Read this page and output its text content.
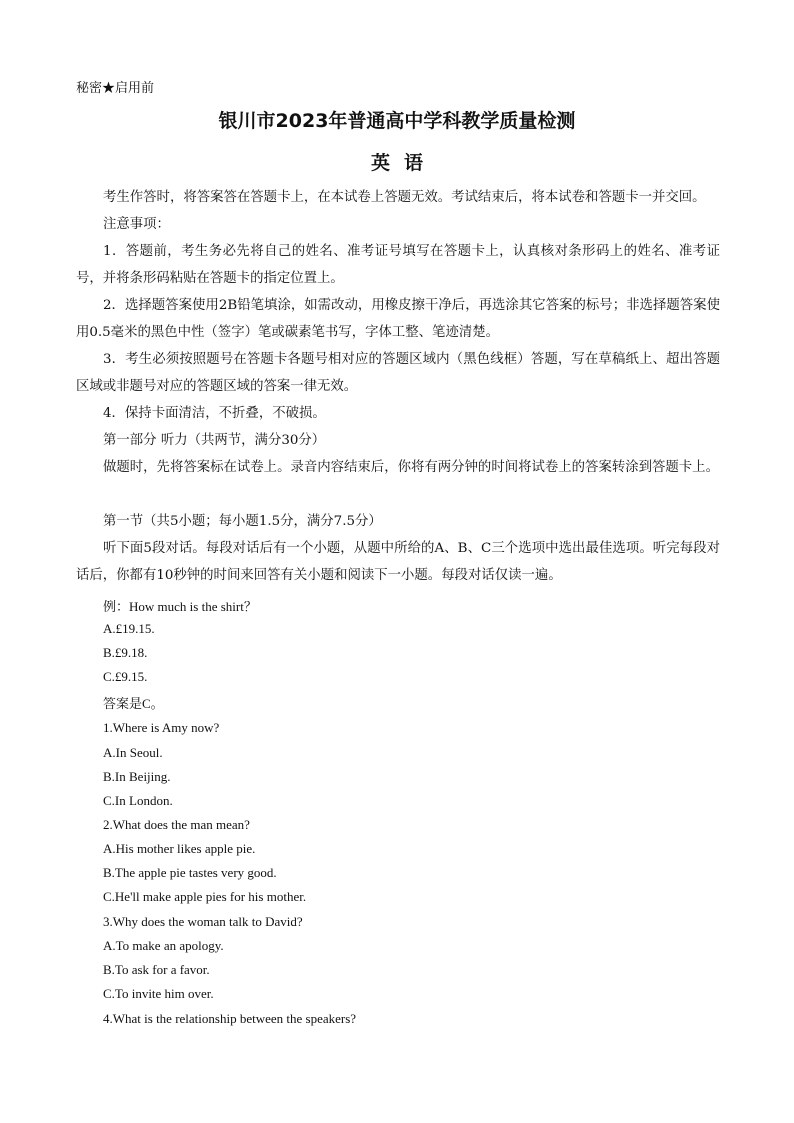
秘密★启用前
银川市2023年普通高中学科教学质量检测
英语
考生作答时，将答案答在答题卡上，在本试卷上答题无效。考试结束后，将本试卷和答题卡一并交回。
注意事项：
1．答题前，考生务必先将自己的姓名、准考证号填写在答题卡上，认真核对条形码上的姓名、准考证号，并将条形码粘贴在答题卡的指定位置上。
2．选择题答案使用2B铅笔填涂，如需改动，用橡皮擦干净后，再选涂其它答案的标号；非选择题答案使用0.5毫米的黑色中性（签字）笔或碳素笔书写，字体工整、笔迹清楚。
3．考生必须按照题号在答题卡各题号相对应的答题区域内（黑色线框）答题，写在草稿纸上、超出答题区域或非题号对应的答题区域的答案一律无效。
4．保持卡面清洁，不折叠，不破损。
第一部分 听力（共两节，满分30分）
做题时，先将答案标在试卷上。录音内容结束后，你将有两分钟的时间将试卷上的答案转涂到答题卡上。
第一节（共5小题；每小题1.5分，满分7.5分）
听下面5段对话。每段对话后有一个小题，从题中所给的A、B、C三个选项中选出最佳选项。听完每段对话后，你都有10秒钟的时间来回答有关小题和阅读下一小题。每段对话仅读一遍。
例：How much is the shirt？
A.£19.15.
B.£9.18.
C.£9.15.
答案是C。
1.Where is Amy now?
A.In Seoul.
B.In Beijing.
C.In London.
2.What does the man mean?
A.His mother likes apple pie.
B.The apple pie tastes very good.
C.He'll make apple pies for his mother.
3.Why does the woman talk to David?
A.To make an apology.
B.To ask for a favor.
C.To invite him over.
4.What is the relationship between the speakers?
